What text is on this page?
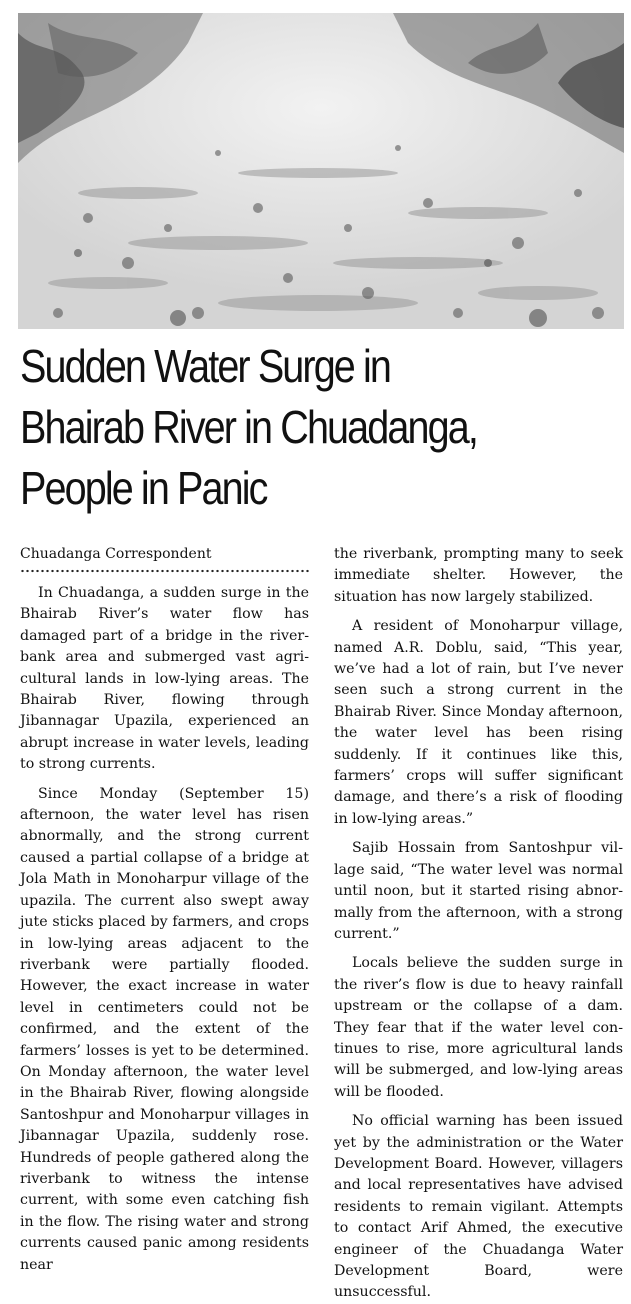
Sudden Water Surge in
Bhairab River in Chuadanga,
People in Panic
Chuadanga Correspondent

In Chuadanga, a sudden surge in the Bhairab River’s water flow has damaged part of a bridge in the riverbank area and submerged vast agricultural lands in low-lying areas. The Bhairab River, flowing through Jibannagar Upazila, experienced an abrupt increase in water levels, leading to strong currents.

Since Monday (September 15) afternoon, the water level has risen abnormally, and the strong current caused a partial collapse of a bridge at Jola Math in Monoharpur village of the upazila. The current also swept away jute sticks placed by farmers, and crops in low-lying areas adjacent to the riverbank were partially flooded. However, the exact increase in water level in centimeters could not be confirmed, and the extent of the farmers’ losses is yet to be determined. On Monday afternoon, the water level in the Bhairab River, flowing alongside Santoshpur and Monoharpur villages in Jibannagar Upazila, suddenly rose. Hundreds of people gathered along the riverbank to witness the intense current, with some even catching fish in the flow. The rising water and strong currents caused panic among residents near

the riverbank, prompting many to seek immediate shelter. However, the situation has now largely stabilized.

A resident of Monoharpur village, named A.R. Doblu, said, “This year, we’ve had a lot of rain, but I’ve never seen such a strong current in the Bhairab River. Since Monday afternoon, the water level has been rising suddenly. If it continues like this, farmers’ crops will suffer significant damage, and there’s a risk of flooding in low-lying areas.”

Sajib Hossain from Santoshpur village said, “The water level was normal until noon, but it started rising abnormally from the afternoon, with a strong current.”

Locals believe the sudden surge in the river’s flow is due to heavy rainfall upstream or the collapse of a dam. They fear that if the water level continues to rise, more agricultural lands will be submerged, and low-lying areas will be flooded.

No official warning has been issued yet by the administration or the Water Development Board. However, villagers and local representatives have advised residents to remain vigilant. Attempts to contact Arif Ahmed, the executive engineer of the Chuadanga Water Development Board, were unsuccessful.
